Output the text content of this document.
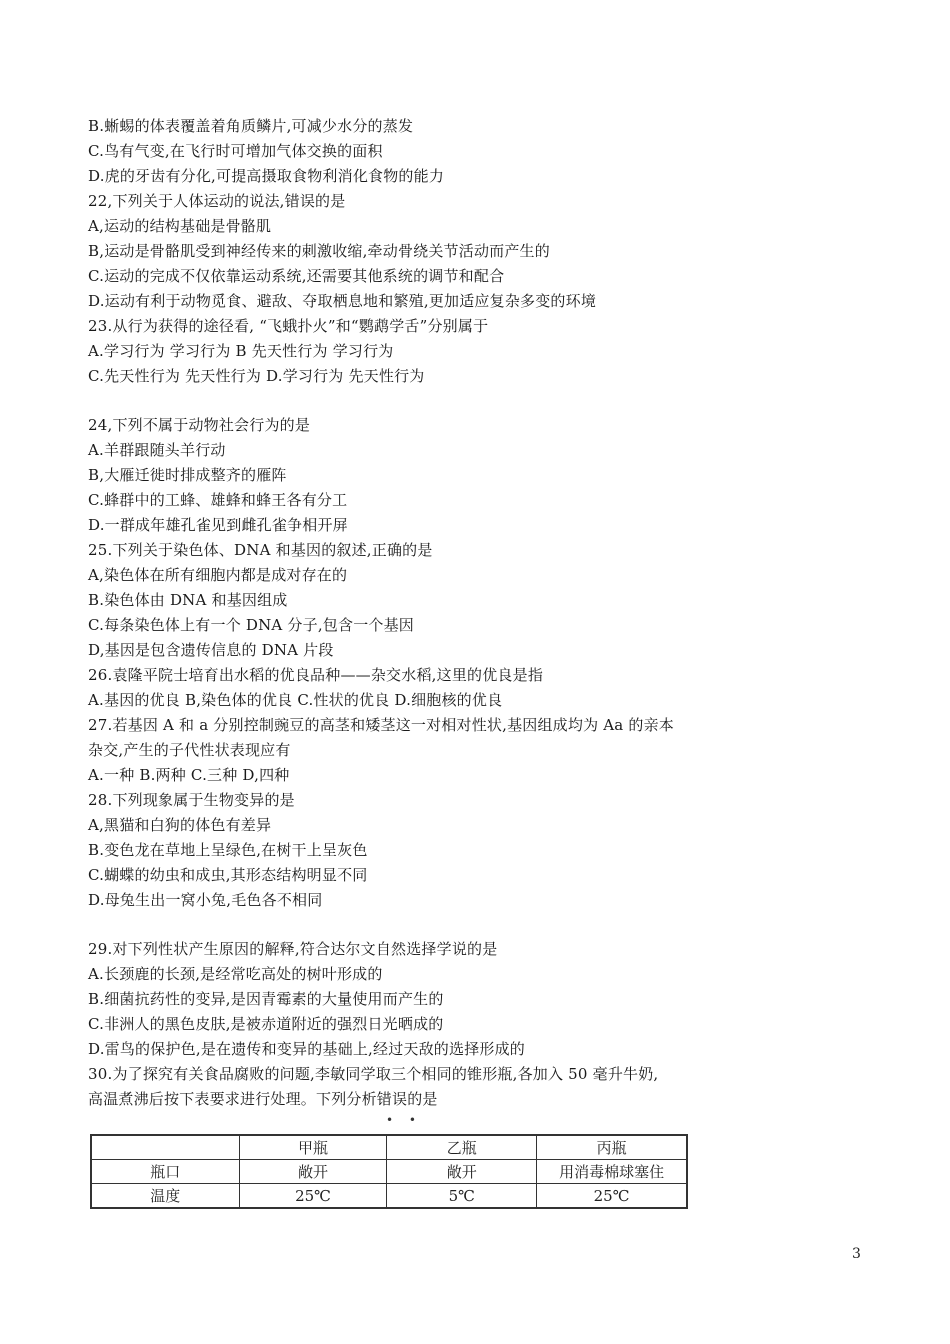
B.蜥蜴的体表覆盖着角质鳞片,可减少水分的蒸发
C.鸟有气变,在飞行时可增加气体交换的面积
D.虎的牙齿有分化,可提高摄取食物利消化食物的能力
22,下列关于人体运动的说法,错误的是
A,运动的结构基础是骨骼肌
B,运动是骨骼肌受到神经传来的刺激收缩,牵动骨绕关节活动而产生的
C.运动的完成不仅依靠运动系统,还需要其他系统的调节和配合
D.运动有利于动物觅食、避敌、夺取栖息地和繁殖,更加适应复杂多变的环境
23.从行为获得的途径看, “飞蛾扑火”和“鹦鹉学舌”分别属于
A.学习行为 学习行为 B 先天性行为 学习行为
C.先天性行为 先天性行为 D.学习行为 先天性行为
24,下列不属于动物社会行为的是
A.羊群跟随头羊行动
B,大雁迁徙时排成整齐的雁阵
C.蜂群中的工蜂、雄蜂和蜂王各有分工
D.一群成年雄孔雀见到雌孔雀争相开屏
25.下列关于染色体、DNA 和基因的叙述,正确的是
A,染色体在所有细胞内都是成对存在的
B.染色体由 DNA 和基因组成
C.每条染色体上有一个 DNA 分子,包含一个基因
D,基因是包含遗传信息的 DNA 片段
26.袁隆平院士培育出水稻的优良品种——杂交水稻,这里的优良是指
A.基因的优良 B,染色体的优良 C.性状的优良 D.细胞核的优良
27.若基因 A 和 a 分别控制豌豆的高茎和矮茎这一对相对性状,基因组成均为 Aa 的亲本
杂交,产生的子代性状表现应有
A.一种 B.两种 C.三种 D,四种
28.下列现象属于生物变异的是
A,黑猫和白狗的体色有差异
B.变色龙在草地上呈绿色,在树干上呈灰色
C.蝴蝶的幼虫和成虫,其形态结构明显不同
D.母兔生出一窝小兔,毛色各不相同
29.对下列性状产生原因的解释,符合达尔文自然选择学说的是
A.长颈鹿的长颈,是经常吃高处的树叶形成的
B.细菌抗药性的变异,是因青霉素的大量使用而产生的
C.非洲人的黑色皮肤,是被赤道附近的强烈日光晒成的
D.雷鸟的保护色,是在遗传和变异的基础上,经过天敌的选择形成的
30.为了探究有关食品腐败的问题,李敏同学取三个相同的锥形瓶,各加入 50 毫升牛奶,
高温煮沸后按下表要求进行处理。下列分析错误的是
• •
	甲瓶	乙瓶	丙瓶
瓶口	敞开	敞开	用消毒棉球塞住
温度	25℃	5℃	25℃
3
